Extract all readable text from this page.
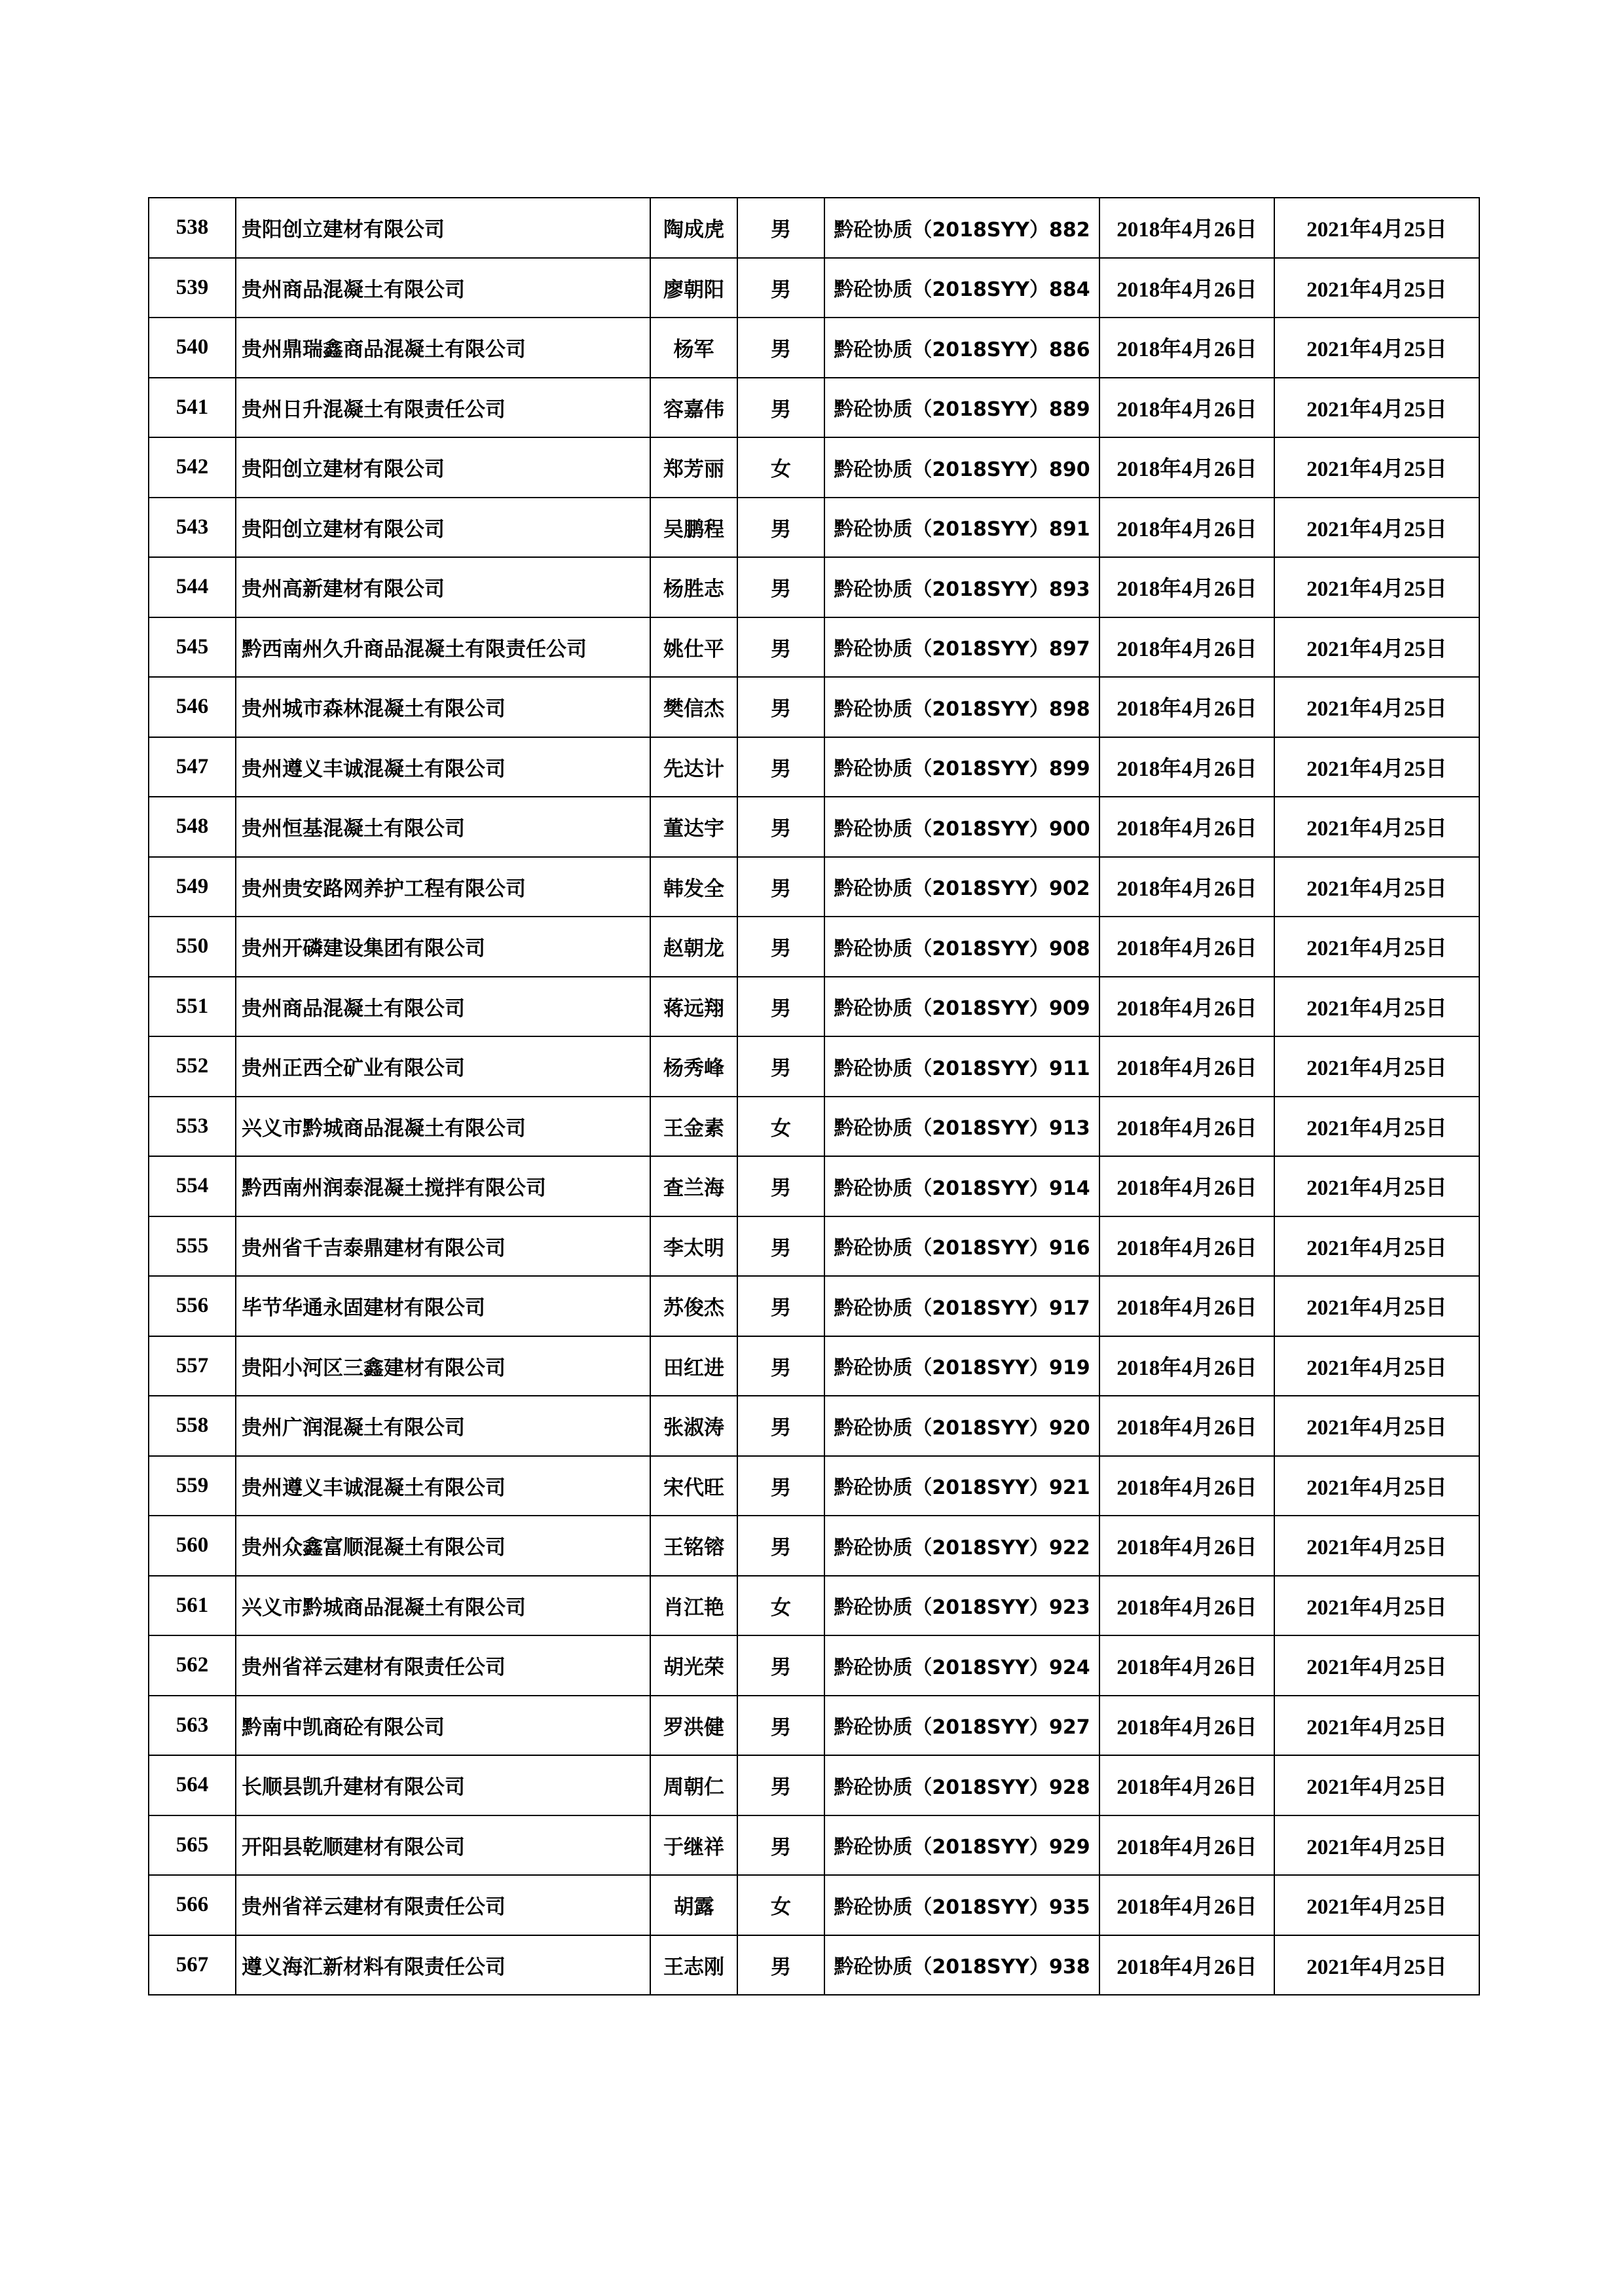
538	贵阳创立建材有限公司	陶成虎	男	黔砼协质（2018SYY）882	2018年4月26日	2021年4月25日
539	贵州商品混凝土有限公司	廖朝阳	男	黔砼协质（2018SYY）884	2018年4月26日	2021年4月25日
540	贵州鼎瑞鑫商品混凝土有限公司	杨军	男	黔砼协质（2018SYY）886	2018年4月26日	2021年4月25日
541	贵州日升混凝土有限责任公司	容嘉伟	男	黔砼协质（2018SYY）889	2018年4月26日	2021年4月25日
542	贵阳创立建材有限公司	郑芳丽	女	黔砼协质（2018SYY）890	2018年4月26日	2021年4月25日
543	贵阳创立建材有限公司	吴鹏程	男	黔砼协质（2018SYY）891	2018年4月26日	2021年4月25日
544	贵州高新建材有限公司	杨胜志	男	黔砼协质（2018SYY）893	2018年4月26日	2021年4月25日
545	黔西南州久升商品混凝土有限责任公司	姚仕平	男	黔砼协质（2018SYY）897	2018年4月26日	2021年4月25日
546	贵州城市森林混凝土有限公司	樊信杰	男	黔砼协质（2018SYY）898	2018年4月26日	2021年4月25日
547	贵州遵义丰诚混凝土有限公司	先达计	男	黔砼协质（2018SYY）899	2018年4月26日	2021年4月25日
548	贵州恒基混凝土有限公司	董达宇	男	黔砼协质（2018SYY）900	2018年4月26日	2021年4月25日
549	贵州贵安路网养护工程有限公司	韩发全	男	黔砼协质（2018SYY）902	2018年4月26日	2021年4月25日
550	贵州开磷建设集团有限公司	赵朝龙	男	黔砼协质（2018SYY）908	2018年4月26日	2021年4月25日
551	贵州商品混凝土有限公司	蒋远翔	男	黔砼协质（2018SYY）909	2018年4月26日	2021年4月25日
552	贵州正西仝矿业有限公司	杨秀峰	男	黔砼协质（2018SYY）911	2018年4月26日	2021年4月25日
553	兴义市黔城商品混凝土有限公司	王金素	女	黔砼协质（2018SYY）913	2018年4月26日	2021年4月25日
554	黔西南州润泰混凝土搅拌有限公司	查兰海	男	黔砼协质（2018SYY）914	2018年4月26日	2021年4月25日
555	贵州省千吉泰鼎建材有限公司	李太明	男	黔砼协质（2018SYY）916	2018年4月26日	2021年4月25日
556	毕节华通永固建材有限公司	苏俊杰	男	黔砼协质（2018SYY）917	2018年4月26日	2021年4月25日
557	贵阳小河区三鑫建材有限公司	田红进	男	黔砼协质（2018SYY）919	2018年4月26日	2021年4月25日
558	贵州广润混凝土有限公司	张淑涛	男	黔砼协质（2018SYY）920	2018年4月26日	2021年4月25日
559	贵州遵义丰诚混凝土有限公司	宋代旺	男	黔砼协质（2018SYY）921	2018年4月26日	2021年4月25日
560	贵州众鑫富顺混凝土有限公司	王铭镕	男	黔砼协质（2018SYY）922	2018年4月26日	2021年4月25日
561	兴义市黔城商品混凝土有限公司	肖江艳	女	黔砼协质（2018SYY）923	2018年4月26日	2021年4月25日
562	贵州省祥云建材有限责任公司	胡光荣	男	黔砼协质（2018SYY）924	2018年4月26日	2021年4月25日
563	黔南中凯商砼有限公司	罗洪健	男	黔砼协质（2018SYY）927	2018年4月26日	2021年4月25日
564	长顺县凯升建材有限公司	周朝仁	男	黔砼协质（2018SYY）928	2018年4月26日	2021年4月25日
565	开阳县乾顺建材有限公司	于继祥	男	黔砼协质（2018SYY）929	2018年4月26日	2021年4月25日
566	贵州省祥云建材有限责任公司	胡露	女	黔砼协质（2018SYY）935	2018年4月26日	2021年4月25日
567	遵义海汇新材料有限责任公司	王志刚	男	黔砼协质（2018SYY）938	2018年4月26日	2021年4月25日
